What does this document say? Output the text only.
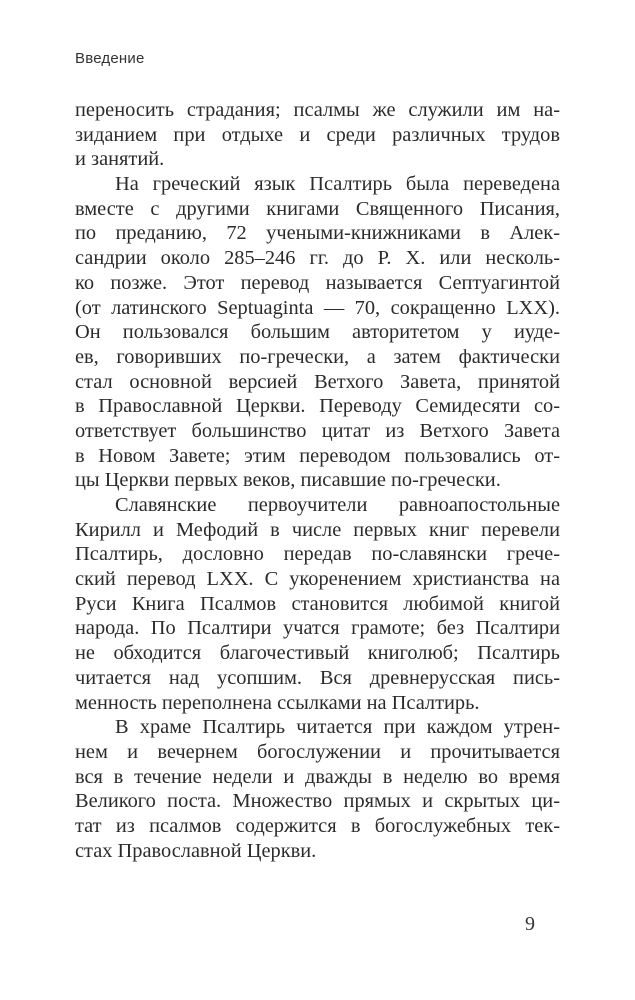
Введение
переносить страдания; псалмы же служили им на-
зиданием при отдыхе и среди различных трудов
и занятий.
На греческий язык Псалтирь была переведена
вместе с другими книгами Священного Писания,
по преданию, 72 учеными-книжниками в Алек-
сандрии около 285–246 гг. до Р. Х. или несколь-
ко позже. Этот перевод называется Септуагинтой
(от латинского Septuaginta — 70, сокращенно LXX).
Он пользовался большим авторитетом у иуде-
ев, говоривших по-гречески, а затем фактически
стал основной версией Ветхого Завета, принятой
в Православной Церкви. Переводу Семидесяти со-
ответствует большинство цитат из Ветхого Завета
в Новом Завете; этим переводом пользовались от-
цы Церкви первых веков, писавшие по-гречески.
Славянские первоучители равноапостольные
Кирилл и Мефодий в числе первых книг перевели
Псалтирь, дословно передав по-славянски грече-
ский перевод LXX. С укоренением христианства на
Руси Книга Псалмов становится любимой книгой
народа. По Псалтири учатся грамоте; без Псалтири
не обходится благочестивый книголюб; Псалтирь
читается над усопшим. Вся древнерусская пись-
менность переполнена ссылками на Псалтирь.
В храме Псалтирь читается при каждом утрен-
нем и вечернем богослужении и прочитывается
вся в течение недели и дважды в неделю во время
Великого поста. Множество прямых и скрытых ци-
тат из псалмов содержится в богослужебных тек-
стах Православной Церкви.
9
